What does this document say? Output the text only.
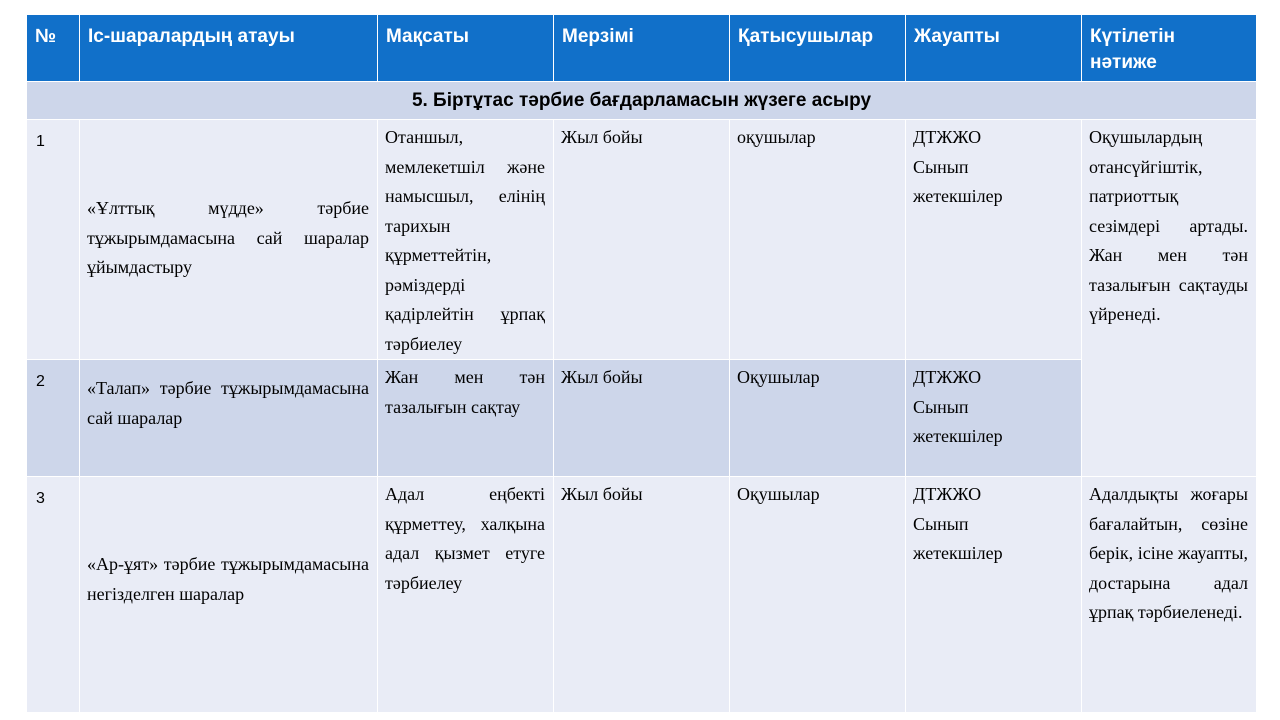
№	Іс-шаралардың атауы	Мақсаты	Мерзімі	Қатысушылар	Жауапты	Күтілетін
нәтиже

5. Біртұтас тәрбие бағдарламасын жүзеге асыру						

1	«Ұлттық мүдде» тәрбие тұжырымдамасына сай шаралар ұйымдастыру	Отаншыл, мемлекетшіл және намысшыл, елінің тарихын құрметтейтін, рәміздерді қадірлейтін ұрпақ тәрбиелеу	Жыл бойы	оқушылар	ДТЖЖО
Сынып
жетекшілер	Оқушылардың отансүйгіштік, патриоттық сезімдері артады. Жан мен тән тазалығын сақтауды үйренеді.

2	«Талап» тәрбие тұжырымдамасына сай шаралар	Жан мен тән тазалығын сақтау	Жыл бойы	Оқушылар	ДТЖЖО
Сынып
жетекшілер	

3	«Ар-ұят» тәрбие тұжырымдамасына негізделген шаралар	Адал еңбекті құрметтеу, халқына адал қызмет етуге тәрбиелеу	Жыл бойы	Оқушылар	ДТЖЖО
Сынып
жетекшілер	Адалдықты жоғары бағалайтын, сөзіне берік, ісіне жауапты, достарына адал ұрпақ тәрбиеленеді.
